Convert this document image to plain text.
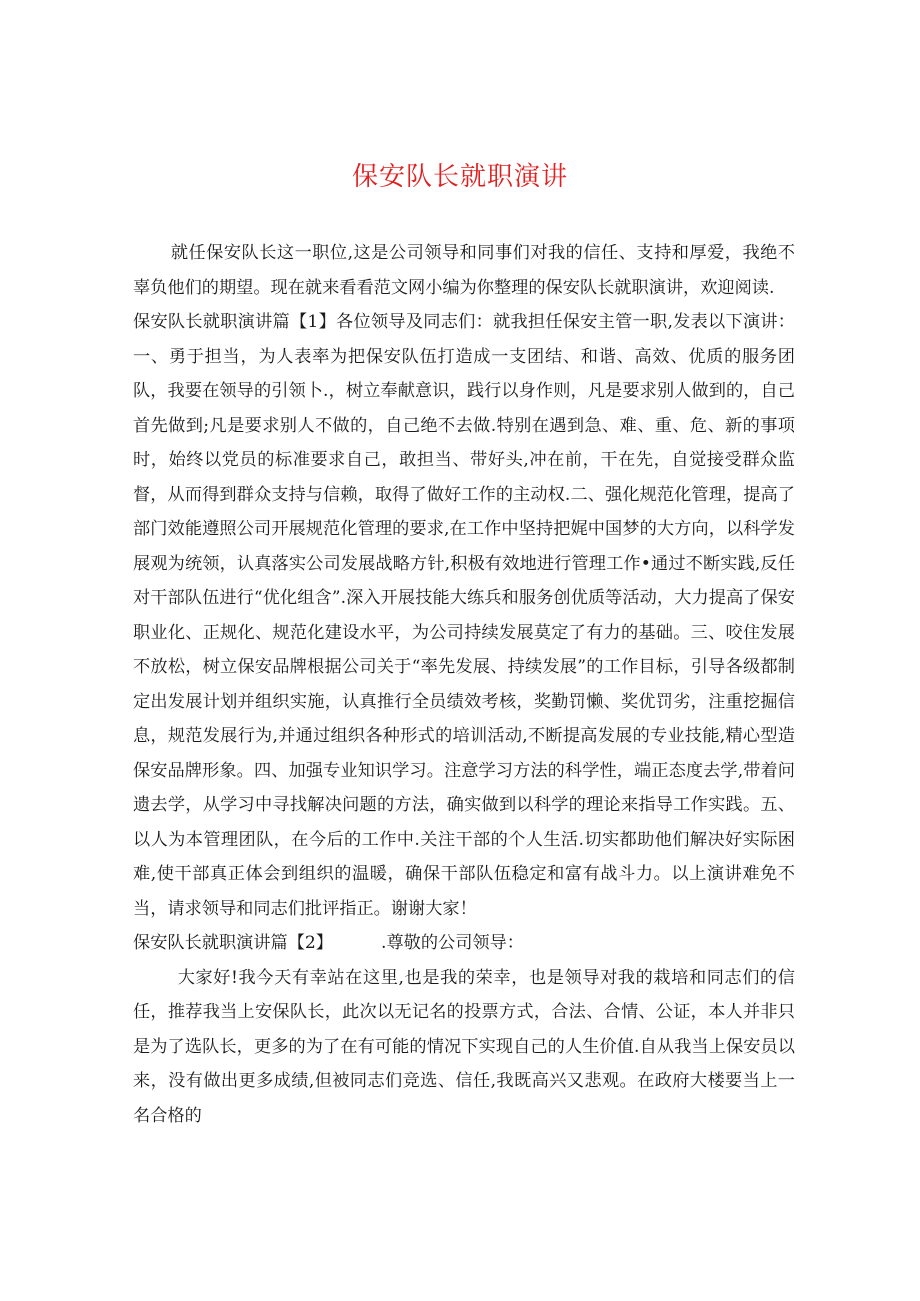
保安队长就职演讲

就任保安队长这一职位,这是公司领导和同事们对我的信任、支持和厚爱，我绝不辜负他们的期望。现在就来看看范文网小编为你整理的保安队长就职演讲，欢迎阅读.

保安队长就职演讲篇【1】各位领导及同志们：就我担任保安主管一职,发表以下演讲：一、勇于担当，为人表率为把保安队伍打造成一支团结、和谐、高效、优质的服务团队，我要在领导的引领卜.，树立奉献意识，践行以身作则，凡是要求别人做到的，自己首先做到;凡是要求别人不做的，自己绝不去做.特别在遇到急、难、重、危、新的事项时，始终以党员的标准要求自己，敢担当、带好头,冲在前，干在先，自觉接受群众监督，从而得到群众支持与信赖，取得了做好工作的主动权.二、强化规范化管理，提高了部门效能遵照公司开展规范化管理的要求,在工作中坚持把娓中国梦的大方向，以科学发展观为统领，认真落实公司发展战略方针,积极有效地进行管理工作•通过不断实践,反任对干部队伍进行“优化组含”.深入开展技能大练兵和服务创优质等活动，大力提高了保安职业化、正规化、规范化建设水平，为公司持续发展莫定了有力的基础。三、咬住发展不放松，树立保安品牌根据公司关于“率先发展、持续发展”的工作目标，引导各级都制定出发展计划并组织实施，认真推行全员绩效考核，奖勤罚懒、奖优罚劣，注重挖掘信息，规范发展行为,并通过组织各种形式的培训活动,不断提高发展的专业技能,精心型造保安品牌形象。四、加强专业知识学习。注意学习方法的科学性，端正态度去学,带着问遗去学，从学习中寻找解决问题的方法，确实做到以科学的理论来指导工作实践。五、以人为本管理团队，在今后的工作中.关注干部的个人生活.切实都助他们解决好实际困难,使干部真正体会到组织的温暖，确保干部队伍稳定和富有战斗力。以上演讲难免不当，请求领导和同志们批评指正。谢谢大家！

保安队长就职演讲篇【2】	.尊敬的公司领导：

大家好!我今天有幸站在这里,也是我的荣幸，也是领导对我的栽培和同志们的信任，推荐我当上安保队长，此次以无记名的投票方式，合法、合情、公证，本人并非只是为了选队长，更多的为了在有可能的情况下实现自己的人生价值.自从我当上保安员以来，没有做出更多成绩,但被同志们竞选、信任,我既高兴又悲观。在政府大楼要当上一名合格的
